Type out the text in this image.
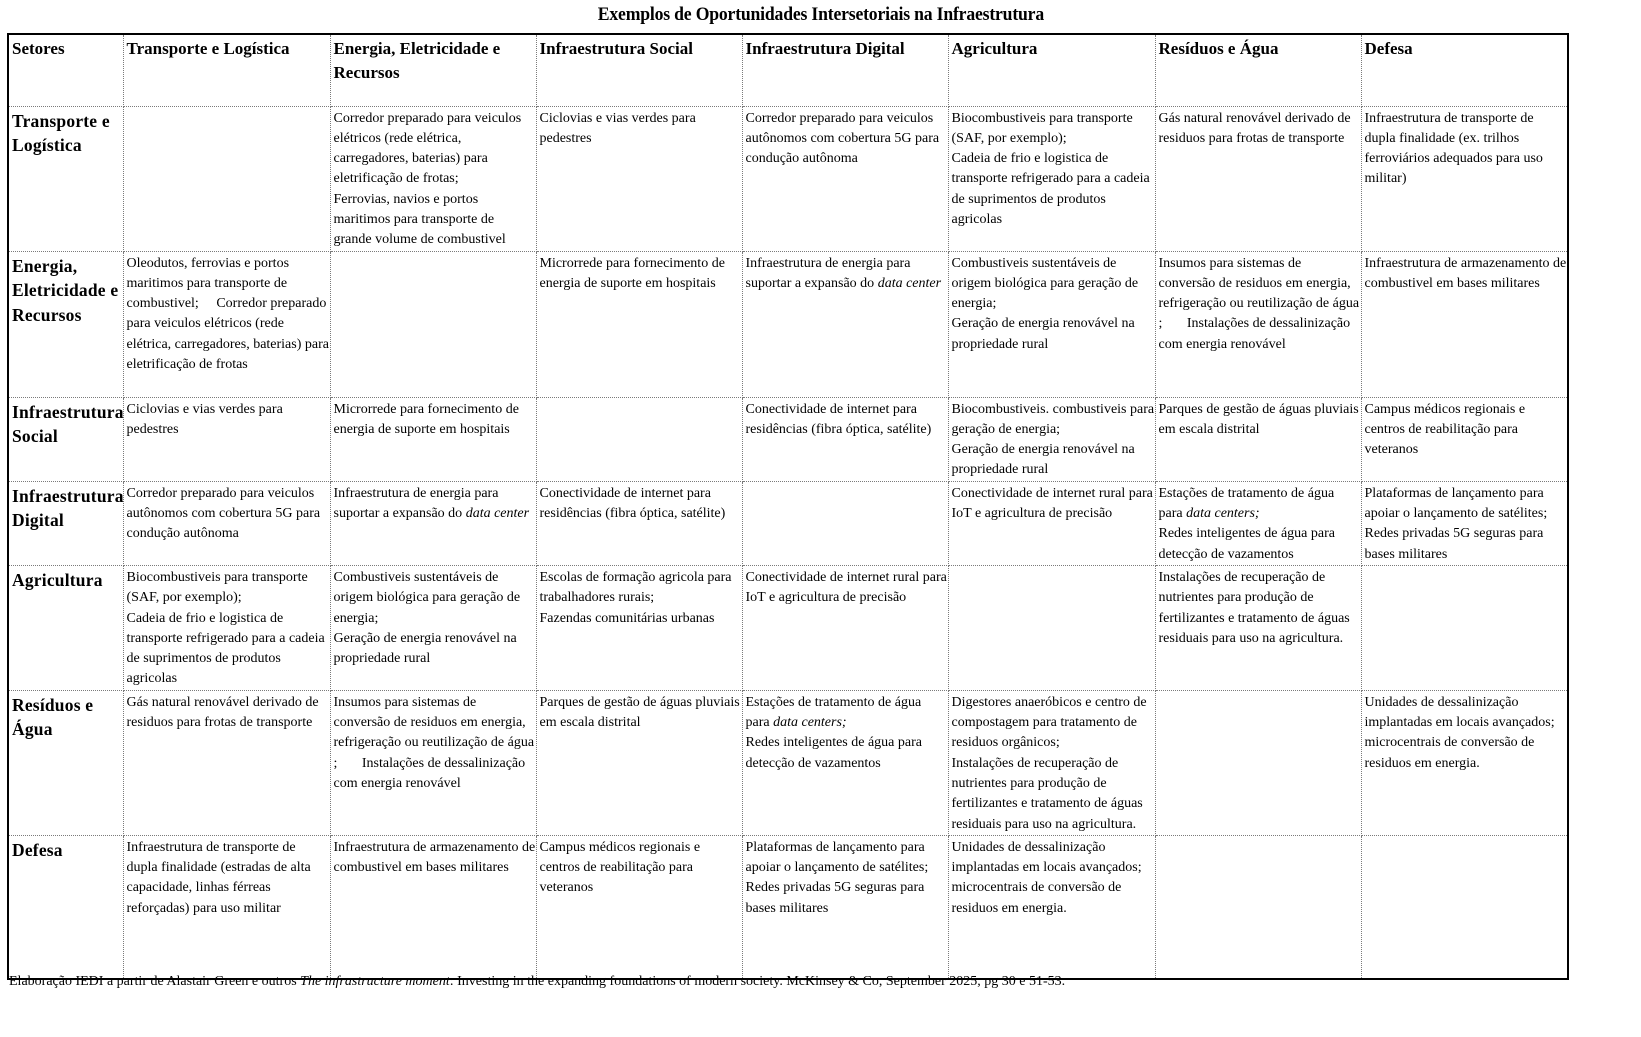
Exemplos de Oportunidades Intersetoriais na Infraestrutura
Setores	Transporte e Logística	Energia, Eletricidade e Recursos	Infraestrutura Social	Infraestrutura Digital	Agricultura	Resíduos e Água	Defesa
Transporte e Logística		Corredor preparado para veiculos elétricos (rede elétrica, carregadores, baterias) para eletrificação de frotas;
Ferrovias, navios e portos maritimos para transporte de grande volume de combustivel	Ciclovias e vias verdes para pedestres	Corredor preparado para veiculos autônomos com cobertura 5G para condução autônoma	Biocombustiveis para transporte (SAF, por exemplo);
Cadeia de frio e logistica de transporte refrigerado para a cadeia de suprimentos de produtos agricolas	Gás natural renovável derivado de residuos para frotas de transporte	Infraestrutura de transporte de dupla finalidade (ex. trilhos ferroviários adequados para uso militar)

Energia, Eletricidade e Recursos	Oleodutos, ferrovias e portos maritimos para transporte de combustivel;     Corredor preparado para veiculos elétricos (rede elétrica, carregadores, baterias) para eletrificação de frotas		Microrrede para fornecimento de energia de suporte em hospitais	Infraestrutura de energia para suportar a expansão do data center	Combustiveis sustentáveis de origem biológica para geração de energia;
Geração de energia renovável na propriedade rural	Insumos para sistemas de conversão de residuos em energia, refrigeração ou reutilização de água ;       Instalações de dessalinização com energia renovável	Infraestrutura de armazenamento de combustivel em bases militares

Infraestrutura Social	Ciclovias e vias verdes para pedestres	Microrrede para fornecimento de energia de suporte em hospitais		Conectividade de internet para residências (fibra óptica, satélite)	Biocombustiveis. combustiveis para geração de energia;
Geração de energia renovável na propriedade rural	Parques de gestão de águas pluviais em escala distrital	Campus médicos regionais e centros de reabilitação para veteranos

Infraestrutura Digital	Corredor preparado para veiculos autônomos com cobertura 5G para condução autônoma	Infraestrutura de energia para suportar a expansão do data center	Conectividade de internet para residências (fibra óptica, satélite)		Conectividade de internet rural para IoT e agricultura de precisão	Estações de tratamento de água para data centers;
Redes inteligentes de água para detecção de vazamentos	Plataformas de lançamento para apoiar o lançamento de satélites;
Redes privadas 5G seguras para bases militares

Agricultura	Biocombustiveis para transporte (SAF, por exemplo);
Cadeia de frio e logistica de transporte refrigerado para a cadeia de suprimentos de produtos agricolas	Combustiveis sustentáveis de origem biológica para geração de energia;
Geração de energia renovável na propriedade rural	Escolas de formação agricola para trabalhadores rurais;
Fazendas comunitárias urbanas	Conectividade de internet rural para IoT e agricultura de precisão		Instalações de recuperação de nutrientes para produção de fertilizantes e tratamento de águas residuais para uso na agricultura.	

Resíduos e Água	Gás natural renovável derivado de residuos para frotas de transporte	Insumos para sistemas de conversão de residuos em energia, refrigeração ou reutilização de água ;       Instalações de dessalinização com energia renovável	Parques de gestão de águas pluviais em escala distrital	Estações de tratamento de água para data centers;
Redes inteligentes de água para detecção de vazamentos	Digestores anaeróbicos e centro de compostagem para tratamento de residuos orgânicos;
Instalações de recuperação de nutrientes para produção de fertilizantes e tratamento de águas residuais para uso na agricultura.		Unidades de dessalinização implantadas em locais avançados; microcentrais de conversão de residuos em energia.

Defesa	Infraestrutura de transporte de dupla finalidade (estradas de alta capacidade, linhas férreas reforçadas) para uso militar	Infraestrutura de armazenamento de combustivel em bases militares	Campus médicos regionais e centros de reabilitação para veteranos	Plataformas de lançamento para apoiar o lançamento de satélites;
Redes privadas 5G seguras para bases militares	Unidades de dessalinização implantadas em locais avançados; microcentrais de conversão de residuos em energia.		

Elaboração IEDI a partir de Alastair Green e outros The infrastructure moment: Investing in the expanding foundations of modern society. McKinsey & Co, September 2025, pg 30 e 51-53.
